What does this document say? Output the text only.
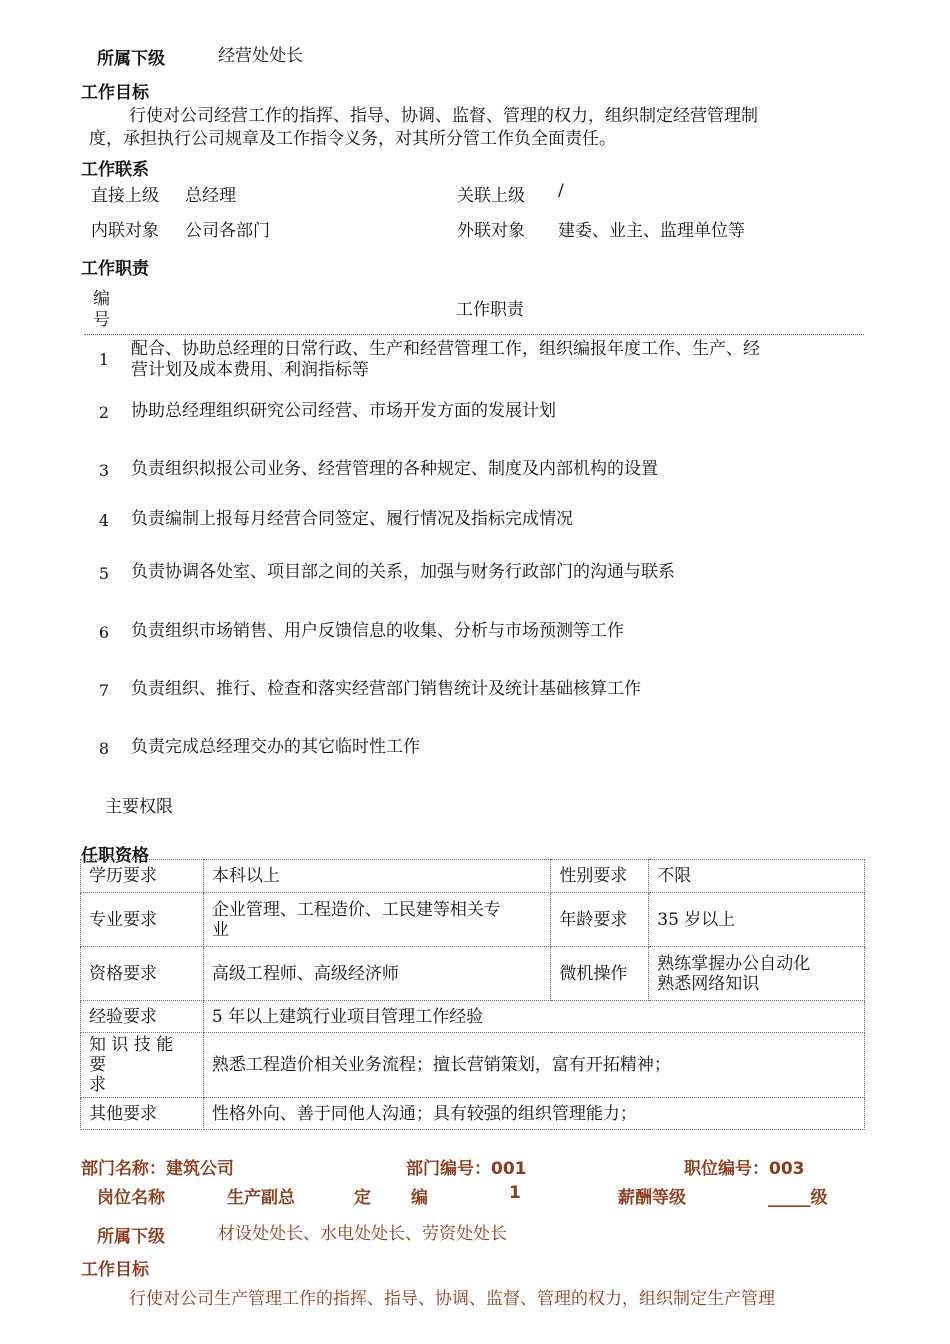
所属下级	经营处处长
工作目标
行使对公司经营工作的指挥、指导、协调、监督、管理的权力，组织制定经营管理制
度，承担执行公司规章及工作指令义务，对其所分管工作负全面责任。
工作联系
直接上级 总经理	关联上级 /
内联对象 公司各部门	外联对象 建委、业主、监理单位等
工作职责
编
号	工作职责
1
配合、协助总经理的日常行政、生产和经营管理工作，组织编报年度工作、生产、经
营计划及成本费用、利润指标等
2 协助总经理组织研究公司经营、市场开发方面的发展计划
3 负责组织拟报公司业务、经营管理的各种规定、制度及内部机构的设置
4 负责编制上报每月经营合同签定、履行情况及指标完成情况
5 负责协调各处室、项目部之间的关系，加强与财务行政部门的沟通与联系
6 负责组织市场销售、用户反馈信息的收集、分析与市场预测等工作
7 负责组织、推行、检查和落实经营部门销售统计及统计基础核算工作
8 负责完成总经理交办的其它临时性工作
主要权限
任职资格
学历要求	本科以上	性别要求	不限
专业要求	企业管理、工程造价、工民建等相关专
业	年龄要求	35 岁以上
资格要求	高级工程师、高级经济师	微机操作	熟练掌握办公自动化
熟悉网络知识
经验要求	5 年以上建筑行业项目管理工作经验		
知 识 技 能 要
求	熟悉工程造价相关业务流程；擅长营销策划，富有开拓精神；		
其他要求	性格外向、善于同他人沟通；具有较强的组织管理能力；		
部门名称：建筑公司	部门编号：001	职位编号：003
岗位名称	生产副总	定 编	1	薪酬等级	_____级
所属下级	材设处处长、水电处处长、劳资处处长
工作目标
行使对公司生产管理工作的指挥、指导、协调、监督、管理的权力，组织制定生产管理
